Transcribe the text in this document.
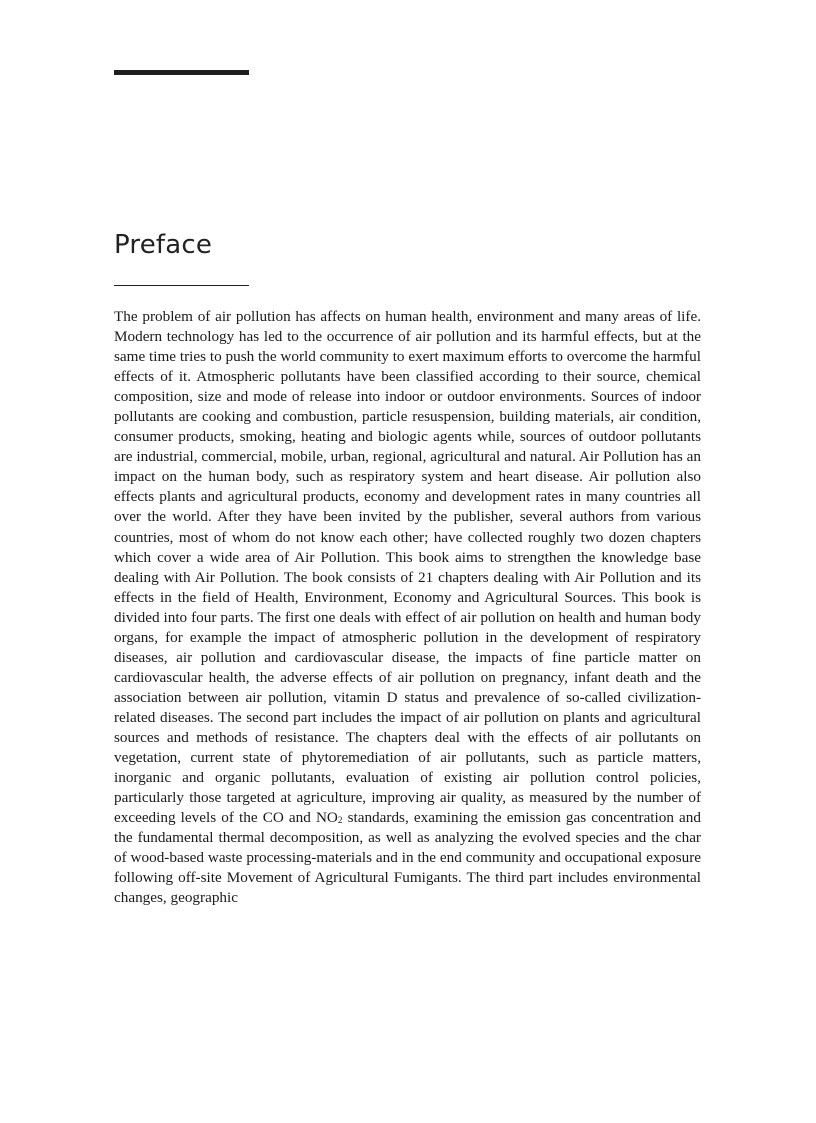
Preface

The problem of air pollution has affects on human health, environment and many areas of life. Modern technology has led to the occurrence of air pollution and its harmful effects, but at the same time tries to push the world community to exert maximum efforts to overcome the harmful effects of it. Atmospheric pollutants have been classified according to their source, chemical composition, size and mode of release into indoor or outdoor environments. Sources of indoor pollutants are cooking and combustion, particle resuspension, building materials, air condition, consumer products, smoking, heating and biologic agents while, sources of outdoor pollutants are industrial, commercial, mobile, urban, regional, agricultural and natural. Air Pollution has an impact on the human body, such as respiratory system and heart disease. Air pollution also effects plants and agricultural products, economy and development rates in many countries all over the world. After they have been invited by the publisher, several authors from various countries, most of whom do not know each other; have collected roughly two dozen chapters which cover a wide area of Air Pollution. This book aims to strengthen the knowledge base dealing with Air Pollution. The book consists of 21 chapters dealing with Air Pollution and its effects in the field of Health, Environment, Economy and Agricultural Sources. This book is divided into four parts. The first one deals with effect of air pollution on health and human body organs, for example the impact of atmospheric pollution in the development of respiratory diseases, air pollution and cardiovascular disease, the impacts of fine particle matter on cardiovascular health, the adverse effects of air pollution on pregnancy, infant death and the association between air pollution, vitamin D status and prevalence of so-called civilization-related diseases. The second part includes the impact of air pollution on plants and agricultural sources and methods of resistance. The chapters deal with the effects of air pollutants on vegetation, current state of phytoremediation of air pollutants, such as particle matters, inorganic and organic pollutants, evaluation of existing air pollution control policies, particularly those targeted at agriculture, improving air quality, as measured by the number of exceeding levels of the CO and NO2 standards, examining the emission gas concentration and the fundamental thermal decomposition, as well as analyzing the evolved species and the char of wood-based waste processing-materials and in the end community and occupational exposure following off-site Movement of Agricultural Fumigants. The third part includes environmental changes, geographic
